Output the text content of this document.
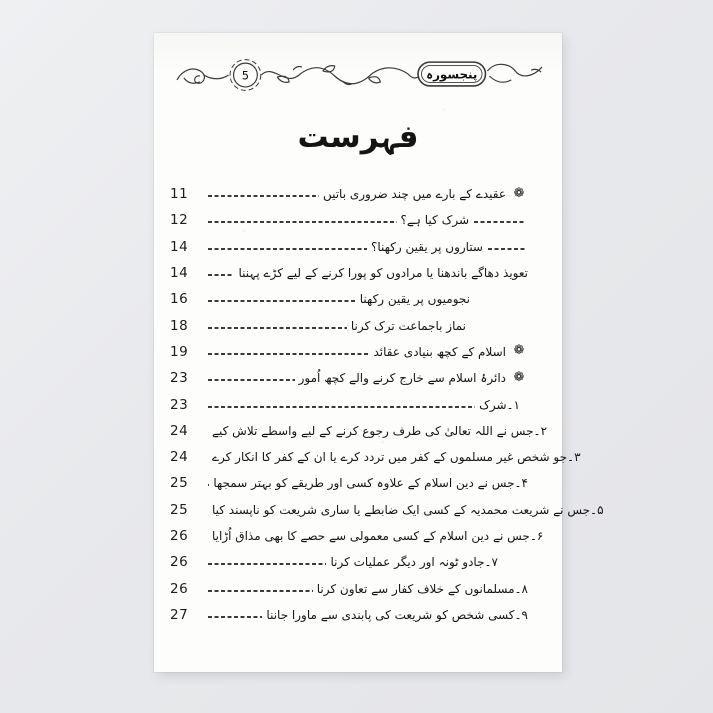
5	پنجسورہ
فہرست
11	عقیدے کے بارے میں چند ضروری باتیں ❁
12	شرک کیا ہے؟
14	ستاروں پر یقین رکھنا؟
14	تعویذ دھاگے باندھنا یا مرادوں کو پورا کرنے کے لیے کڑے پہننا
16	نجومیوں پر یقین رکھنا
18	نماز باجماعت ترک کرنا
19	اسلام کے کچھ بنیادی عقائد ❁
23	دائرۂ اسلام سے خارج کرنے والے کچھ اُمور ❁
23	۱۔شرک
24	۲۔جس نے اللہ تعالیٰ کی طرف رجوع کرنے کے لیے واسطے تلاش کیے
24	۳۔جو شخص غیر مسلموں کے کفر میں تردد کرے یا ان کے کفر کا انکار کرے
25	۴۔جس نے دین اسلام کے علاوہ کسی اور طریقے کو بہتر سمجھا
25	۵۔جس نے شریعت محمدیہ کے کسی ایک ضابطے یا ساری شریعت کو ناپسند کیا
26	۶۔جس نے دین اسلام کے کسی معمولی سے حصے کا بھی مذاق اُڑایا
26	۷۔جادو ٹونہ اور دیگر عملیات کرنا
26	۸۔مسلمانوں کے خلاف کفار سے تعاون کرنا
27	۹۔کسی شخص کو شریعت کی پابندی سے ماورا جاننا
